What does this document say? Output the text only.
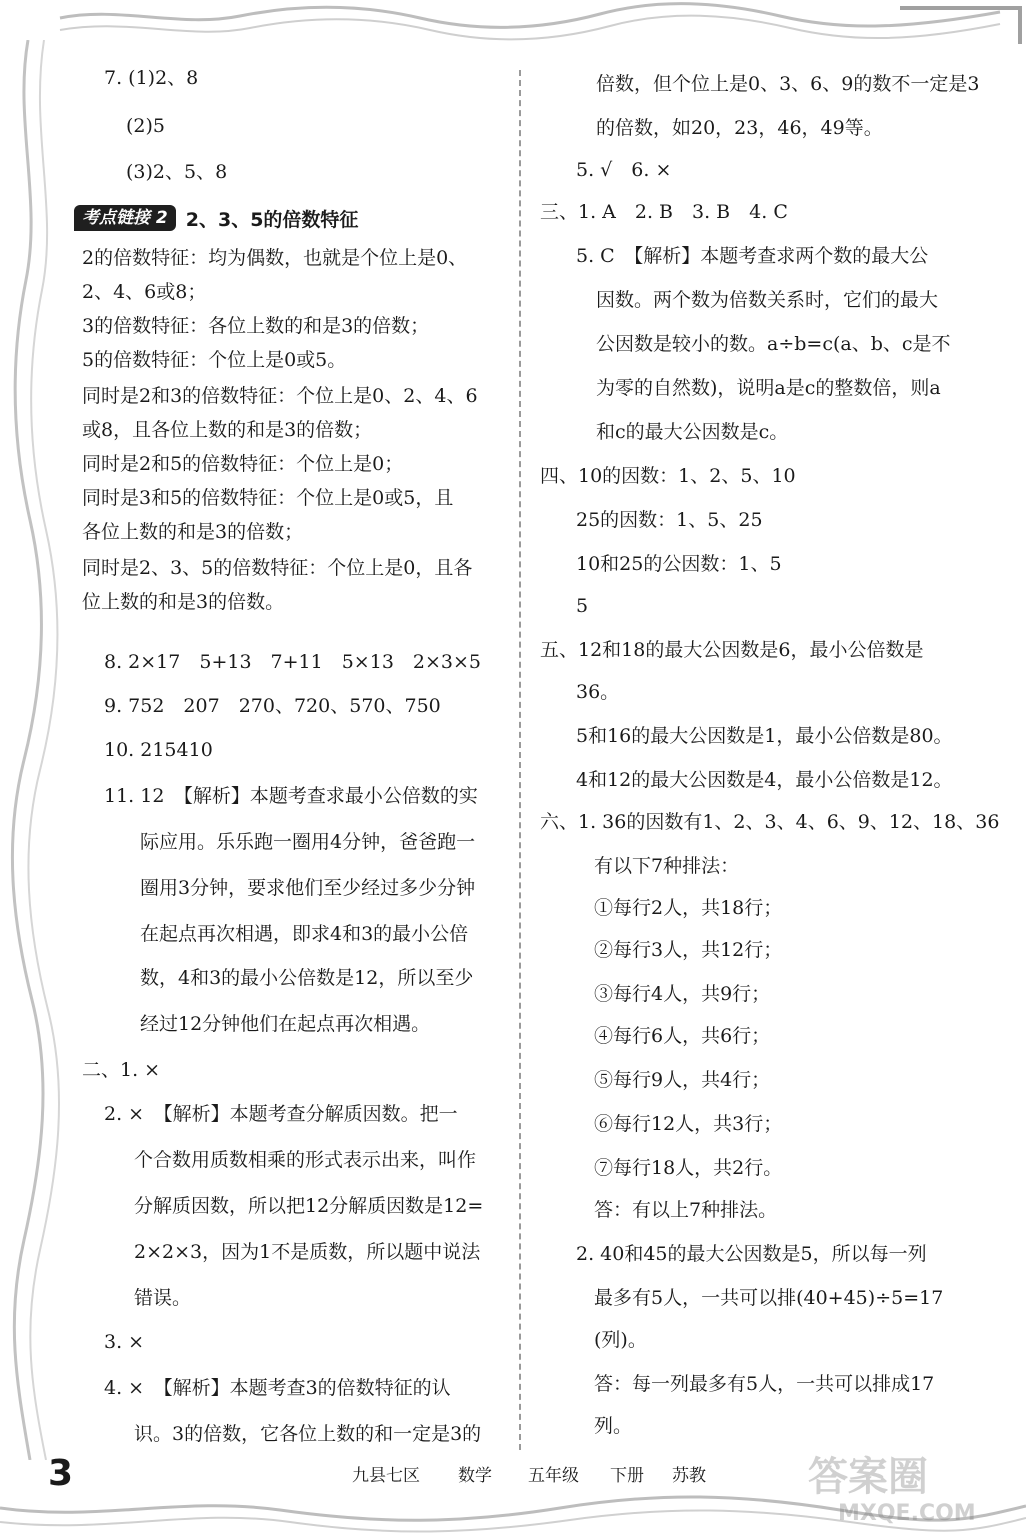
7. (1)2、8
(2)5
(3)2、5、8
考点链接 2 2、3、5的倍数特征
2的倍数特征：均为偶数，也就是个位上是0、
2、4、6或8；
3的倍数特征：各位上数的和是3的倍数；
5的倍数特征：个位上是0或5。
同时是2和3的倍数特征：个位上是0、2、4、6
或8，且各位上数的和是3的倍数；
同时是2和5的倍数特征：个位上是0；
同时是3和5的倍数特征：个位上是0或5，且
各位上数的和是3的倍数；
同时是2、3、5的倍数特征：个位上是0，且各
位上数的和是3的倍数。
8. 2×17　5+13　7+11　5×13　2×3×5
9. 752　207　270、720、570、750
10. 215410
11. 12　【解析】本题考查求最小公倍数的实
际应用。乐乐跑一圈用4分钟，爸爸跑一
圈用3分钟，要求他们至少经过多少分钟
在起点再次相遇，即求4和3的最小公倍
数，4和3的最小公倍数是12，所以至少
经过12分钟他们在起点再次相遇。
二、1. ×
2. ×　【解析】本题考查分解质因数。把一
个合数用质数相乘的形式表示出来，叫作
分解质因数，所以把12分解质因数是12=
2×2×3，因为1不是质数，所以题中说法
错误。
3. ×
4. ×　【解析】本题考查3的倍数特征的认
识。3的倍数，它各位上数的和一定是3的
倍数，但个位上是0、3、6、9的数不一定是3
的倍数，如20，23，46，49等。
5. √　6. ×
三、1. A　2. B　3. B　4. C
5. C　【解析】本题考查求两个数的最大公
因数。两个数为倍数关系时，它们的最大
公因数是较小的数。a÷b=c(a、b、c是不
为零的自然数)，说明a是c的整数倍，则a
和c的最大公因数是c。
四、10的因数：1、2、5、10
25的因数：1、5、25
10和25的公因数：1、5
5
五、12和18的最大公因数是6，最小公倍数是
36。
5和16的最大公因数是1，最小公倍数是80。
4和12的最大公因数是4，最小公倍数是12。
六、1. 36的因数有1、2、3、4、6、9、12、18、36
有以下7种排法：
①每行2人，共18行；
②每行3人，共12行；
③每行4人，共9行；
④每行6人，共6行；
⑤每行9人，共4行；
⑥每行12人，共3行；
⑦每行18人，共2行。
答：有以上7种排法。
2. 40和45的最大公因数是5，所以每一列
最多有5人，一共可以排(40+45)÷5=17
(列)。
答：每一列最多有5人，一共可以排成17
列。
3	九县七区 数学 五年级 下册 苏教	答案圈
MXQE.COM
